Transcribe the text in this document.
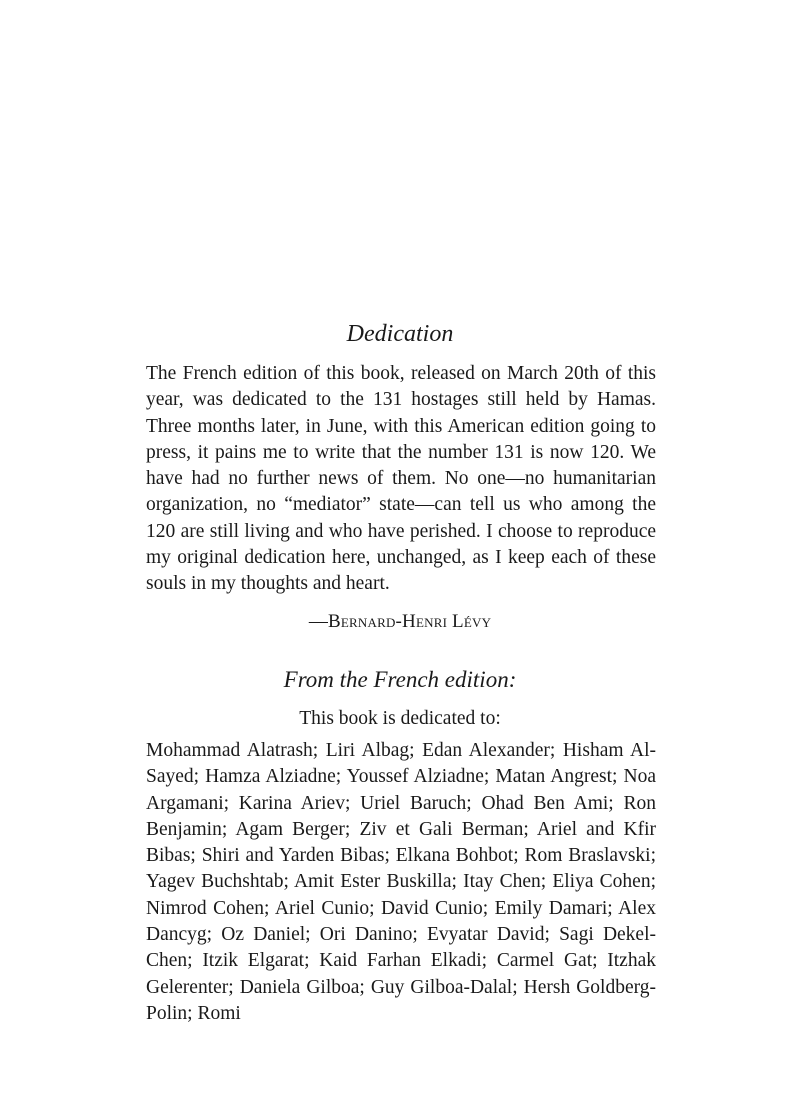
Dedication
The French edition of this book, released on March 20th of this year, was dedicated to the 131 hostages still held by Hamas. Three months later, in June, with this American edition going to press, it pains me to write that the number 131 is now 120. We have had no further news of them. No one—no humanitarian organization, no “mediator” state—can tell us who among the 120 are still living and who have perished. I choose to reproduce my original dedication here, unchanged, as I keep each of these souls in my thoughts and heart.
—Bernard-Henri Lévy
From the French edition:
This book is dedicated to:
Mohammad Alatrash; Liri Albag; Edan Alexander; Hisham Al-Sayed; Hamza Alziadne; Youssef Alziadne; Matan Angrest; Noa Argamani; Karina Ariev; Uriel Baruch; Ohad Ben Ami; Ron Benjamin; Agam Berger; Ziv et Gali Berman; Ariel and Kfir Bibas; Shiri and Yarden Bibas; Elkana Bohbot; Rom Braslavski; Yagev Buchshtab; Amit Ester Buskilla; Itay Chen; Eliya Cohen; Nimrod Cohen; Ariel Cunio; David Cunio; Emily Damari; Alex Dancyg; Oz Daniel; Ori Danino; Evyatar David; Sagi Dekel-Chen; Itzik Elgarat; Kaid Farhan Elkadi; Carmel Gat; Itzhak Gelerenter; Daniela Gilboa; Guy Gilboa-Dalal; Hersh Goldberg-Polin; Romi
